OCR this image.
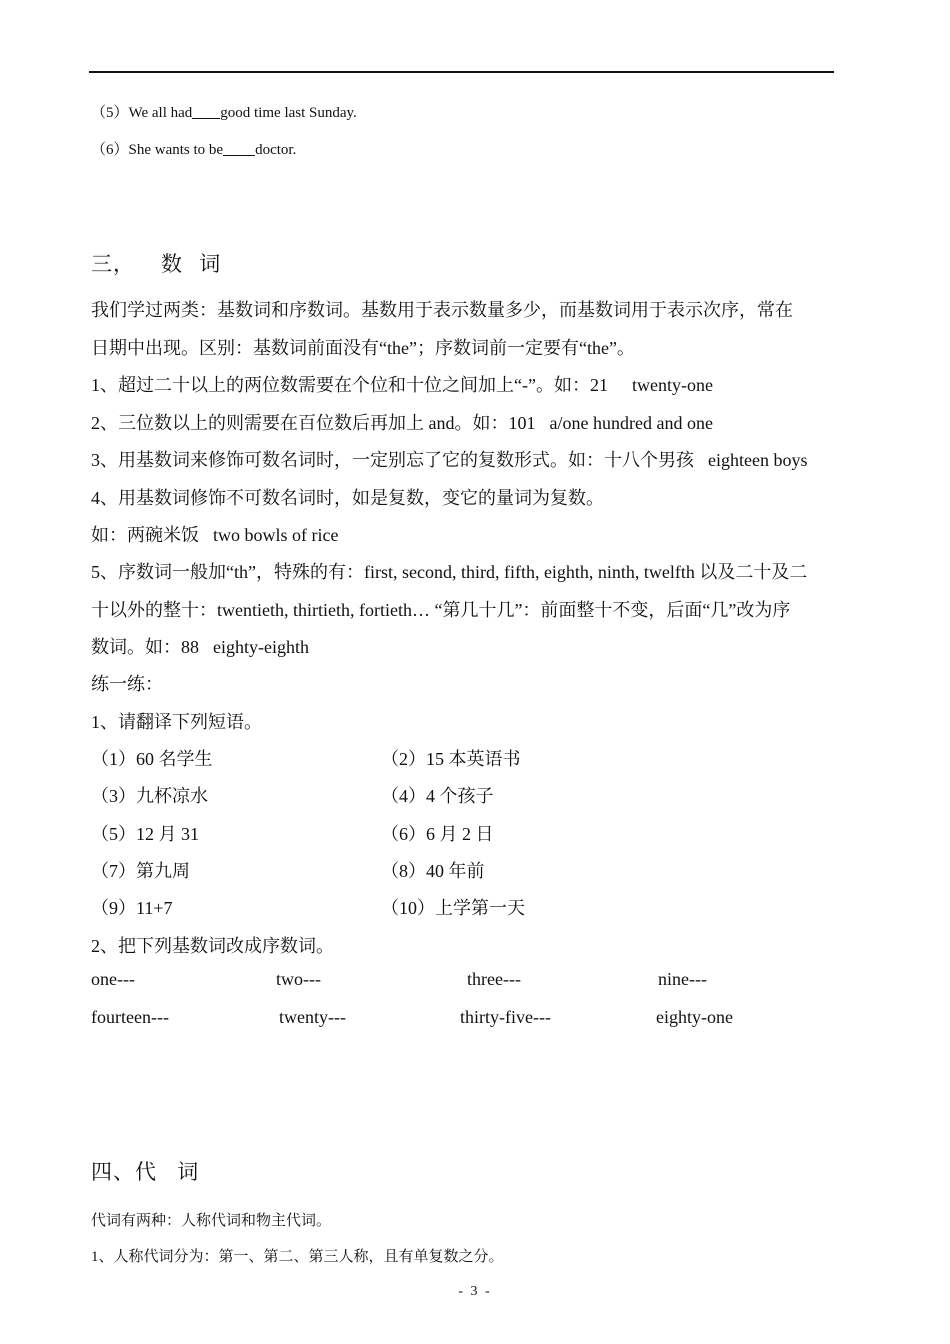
（5）We all had good time last Sunday.
（6）She wants to be doctor.
三， 数 词
我们学过两类：基数词和序数词。基数用于表示数量多少，而基数词用于表示次序，常在
日期中出现。区别：基数词前面没有“the”；序数词前一定要有“the”。
1、超过二十以上的两位数需要在个位和十位之间加上“-”。如：21 twenty-one
2、三位数以上的则需要在百位数后再加上 and。如：101 a/one hundred and one
3、用基数词来修饰可数名词时，一定别忘了它的复数形式。如：十八个男孩 eighteen boys
4、用基数词修饰不可数名词时，如是复数，变它的量词为复数。
如：两碗米饭 two bowls of rice
5、序数词一般加“th”，特殊的有：first, second, third, fifth, eighth, ninth, twelfth 以及二十及二
十以外的整十：twentieth, thirtieth, fortieth… “第几十几”：前面整十不变，后面“几”改为序
数词。如：88 eighty-eighth
练一练：
1、请翻译下列短语。
（1）60 名学生	（2）15 本英语书
（3）九杯凉水	（4）4 个孩子
（5）12 月 31	（6）6 月 2 日
（7）第九周	（8）40 年前
（9）11+7	（10）上学第一天
2、把下列基数词改成序数词。
one---	two---	three---	nine---
fourteen---	twenty---	thirty-five---	eighty-one
四、代 词
代词有两种：人称代词和物主代词。
1、人称代词分为：第一、第二、第三人称，且有单复数之分。
- 3 -
